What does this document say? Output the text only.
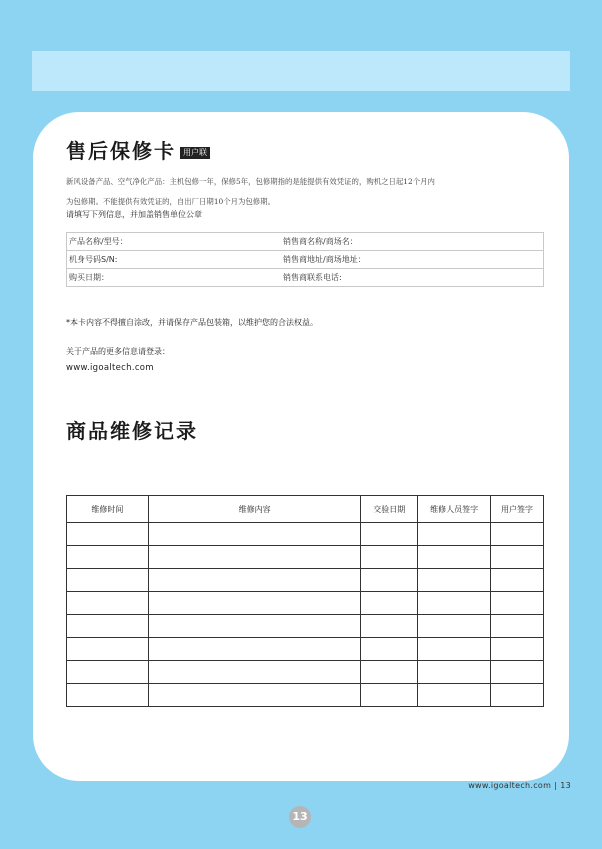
售后保修卡 用户联
新风设备产品、空气净化产品：主机包修一年，保修5年，包修期指的是能提供有效凭证的，购机之日起12个月内
为包修期。不能提供有效凭证的，自出厂日期10个月为包修期。
请填写下列信息，并加盖销售单位公章
产品名称/型号：	销售商名称/商场名：
机身号码S/N:	销售商地址/商场地址：
购买日期：	销售商联系电话:
*本卡内容不得擅自涂改，并请保存产品包装箱，以维护您的合法权益。
关于产品的更多信息请登录：
www.igoaltech.com
商品维修记录
维修时间	维修内容	交验日期	维修人员签字	用户签字

www.igoaltech.com | 13
13
